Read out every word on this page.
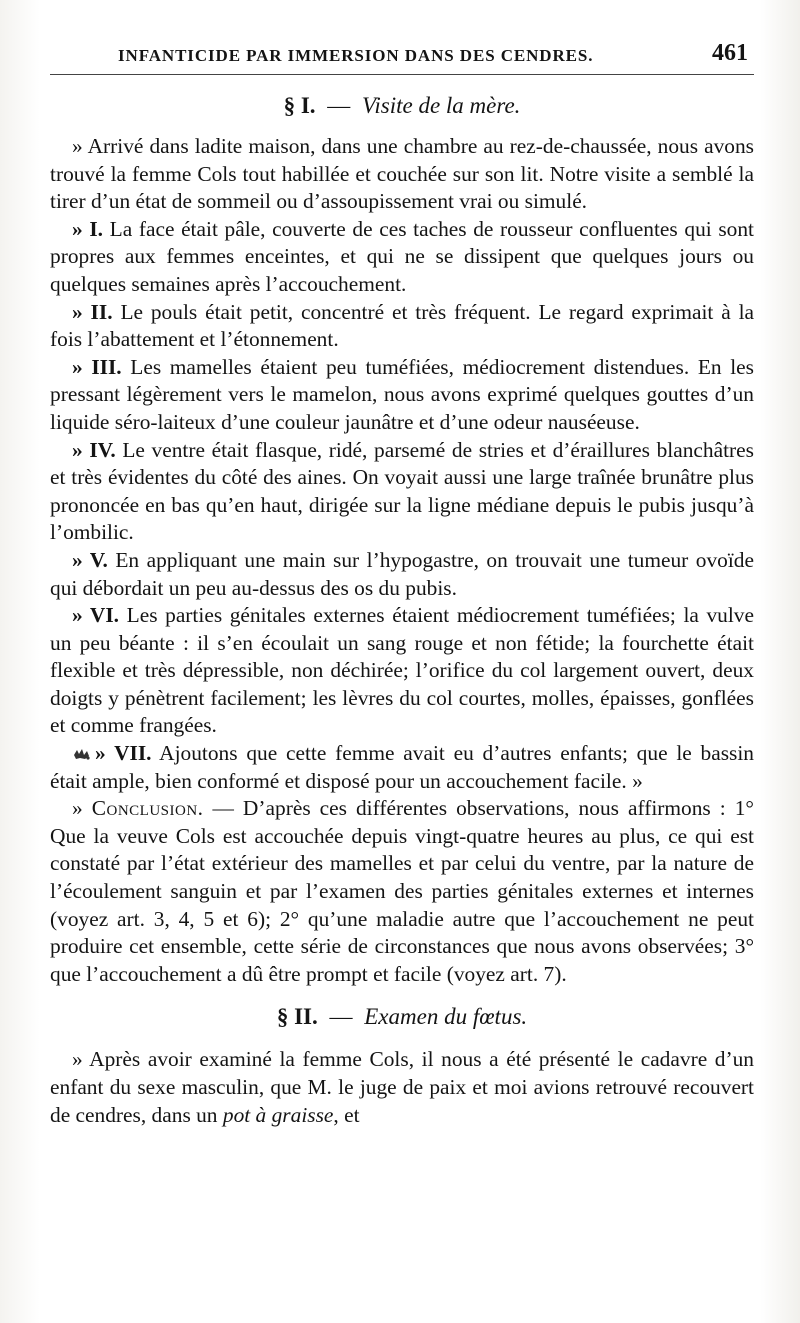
INFANTICIDE PAR IMMERSION DANS DES CENDRES.	461
§ I. — Visite de la mère.

» Arrivé dans ladite maison, dans une chambre au rez-de-chaussée, nous avons trouvé la femme Cols tout habillée et couchée sur son lit. Notre visite a semblé la tirer d’un état de sommeil ou d’assoupissement vrai ou simulé.

» I. La face était pâle, couverte de ces taches de rousseur confluentes qui sont propres aux femmes enceintes, et qui ne se dissipent que quelques jours ou quelques semaines après l’accouchement.

» II. Le pouls était petit, concentré et très fréquent. Le regard exprimait à la fois l’abattement et l’étonnement.

» III. Les mamelles étaient peu tuméfiées, médiocrement distendues. En les pressant légèrement vers le mamelon, nous avons exprimé quelques gouttes d’un liquide séro-laiteux d’une couleur jaunâtre et d’une odeur nauséeuse.

» IV. Le ventre était flasque, ridé, parsemé de stries et d’éraillures blanchâtres et très évidentes du côté des aines. On voyait aussi une large traînée brunâtre plus prononcée en bas qu’en haut, dirigée sur la ligne médiane depuis le pubis jusqu’à l’ombilic.

» V. En appliquant une main sur l’hypogastre, on trouvait une tumeur ovoïde qui débordait un peu au-dessus des os du pubis.

» VI. Les parties génitales externes étaient médiocrement tuméfiées; la vulve un peu béante : il s’en écoulait un sang rouge et non fétide; la fourchette était flexible et très dépressible, non déchirée; l’orifice du col largement ouvert, deux doigts y pénètrent facilement; les lèvres du col courtes, molles, épaisses, gonflées et comme frangées.

» VII. Ajoutons que cette femme avait eu d’autres enfants; que le bassin était ample, bien conformé et disposé pour un accouchement facile. »

» Conclusion. — D’après ces différentes observations, nous affirmons : 1° Que la veuve Cols est accouchée depuis vingt-quatre heures au plus, ce qui est constaté par l’état extérieur des mamelles et par celui du ventre, par la nature de l’écoulement sanguin et par l’examen des parties génitales externes et internes (voyez art. 3, 4, 5 et 6); 2° qu’une maladie autre que l’accouchement ne peut produire cet ensemble, cette série de circonstances que nous avons observées; 3° que l’accouchement a dû être prompt et facile (voyez art. 7).

§ II. — Examen du fœtus.

» Après avoir examiné la femme Cols, il nous a été présenté le cadavre d’un enfant du sexe masculin, que M. le juge de paix et moi avions retrouvé recouvert de cendres, dans un pot à graisse, et
